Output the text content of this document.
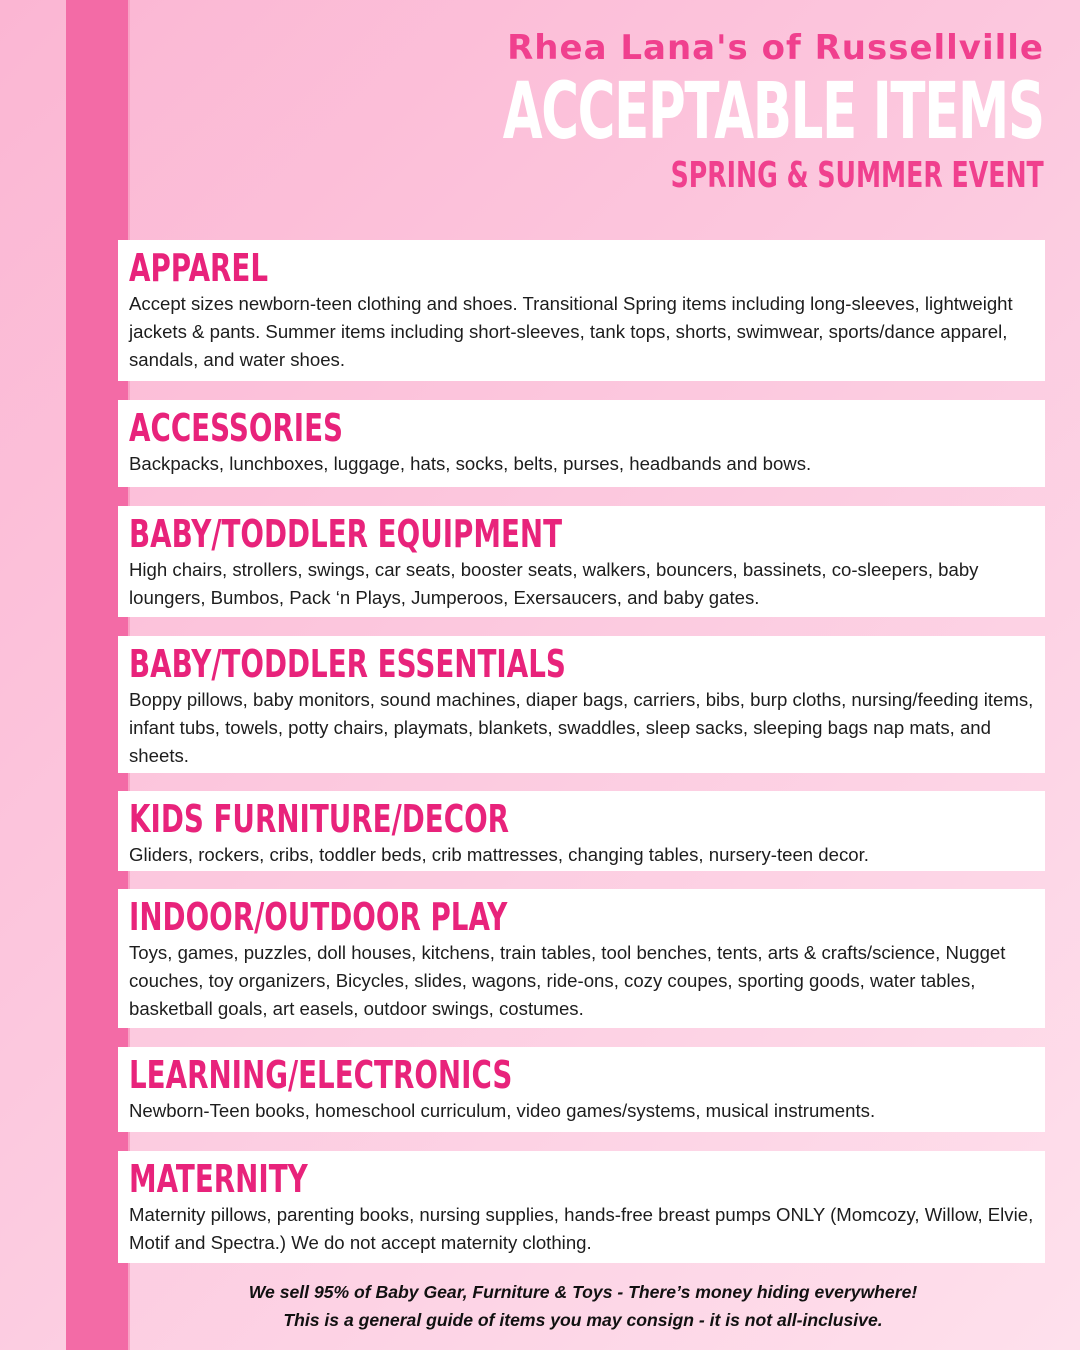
Rhea Lana's of Russellville
ACCEPTABLE ITEMS
SPRING & SUMMER EVENT
APPAREL
Accept sizes newborn-teen clothing and shoes. Transitional Spring items including long-sleeves, lightweight jackets & pants. Summer items including short-sleeves, tank tops, shorts, swimwear, sports/dance apparel, sandals, and water shoes.
ACCESSORIES
Backpacks, lunchboxes, luggage, hats, socks, belts, purses, headbands and bows.
BABY/TODDLER EQUIPMENT
High chairs, strollers, swings, car seats, booster seats, walkers, bouncers, bassinets, co-sleepers, baby loungers, Bumbos, Pack ‘n Plays, Jumperoos, Exersaucers, and baby gates.
BABY/TODDLER ESSENTIALS
Boppy pillows, baby monitors, sound machines, diaper bags, carriers, bibs, burp cloths, nursing/feeding items, infant tubs, towels, potty chairs, playmats, blankets, swaddles, sleep sacks, sleeping bags nap mats, and sheets.
KIDS FURNITURE/DECOR
Gliders, rockers, cribs, toddler beds, crib mattresses, changing tables, nursery-teen decor.
INDOOR/OUTDOOR PLAY
Toys, games, puzzles, doll houses, kitchens, train tables, tool benches, tents, arts & crafts/science, Nugget couches, toy organizers, Bicycles, slides, wagons, ride-ons, cozy coupes, sporting goods, water tables, basketball goals, art easels, outdoor swings, costumes.
LEARNING/ELECTRONICS
Newborn-Teen books, homeschool curriculum, video games/systems, musical instruments.
MATERNITY
Maternity pillows, parenting books, nursing supplies, hands-free breast pumps ONLY (Momcozy, Willow, Elvie, Motif and Spectra.) We do not accept maternity clothing.
We sell 95% of Baby Gear, Furniture & Toys - There’s money hiding everywhere!
This is a general guide of items you may consign - it is not all-inclusive.
